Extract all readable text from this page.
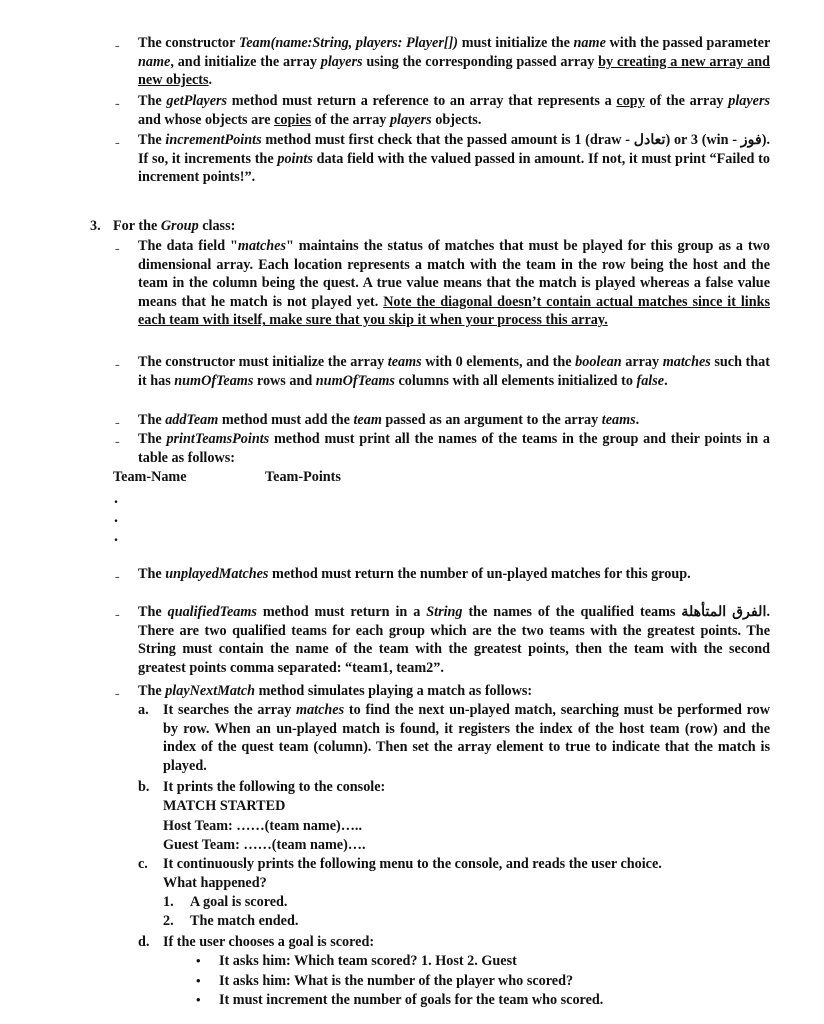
- The constructor Team(name:String, players: Player[]) must initialize the name with the passed parameter name, and initialize the array players using the corresponding passed array by creating a new array and new objects.

- The getPlayers method must return a reference to an array that represents a copy of the array players and whose objects are copies of the array players objects.

- The incrementPoints method must first check that the passed amount is 1 (draw - تعادل) or 3 (win - فوز). If so, it increments the points data field with the valued passed in amount. If not, it must print “Failed to increment points!”.

3. For the Group class:

- The data field "matches" maintains the status of matches that must be played for this group as a two dimensional array. Each location represents a match with the team in the row being the host and the team in the column being the quest. A true value means that the match is played whereas a false value means that he match is not played yet. Note the diagonal doesn’t contain actual matches since it links each team with itself, make sure that you skip it when your process this array.

- The constructor must initialize the array teams with 0 elements, and the boolean array matches such that it has numOfTeams rows and numOfTeams columns with all elements initialized to false.

- The addTeam method must add the team passed as an argument to the array teams.

- The printTeamsPoints method must print all the names of the teams in the group and their points in a table as follows:

Team-Name	Team-Points
.
.
.
- The unplayedMatches method must return the number of un-played matches for this group.

- The qualifiedTeams method must return in a String the names of the qualified teams الفرق المتأهلة. There are two qualified teams for each group which are the two teams with the greatest points. The String must contain the name of the team with the greatest points, then the team with the second greatest points comma separated: “team1, team2”.

- The playNextMatch method simulates playing a match as follows:

a. It searches the array matches to find the next un-played match, searching must be performed row by row. When an un-played match is found, it registers the index of the host team (row) and the index of the quest team (column). Then set the array element to true to indicate that the match is played.

b. It prints the following to the console:

MATCH STARTED

Host Team: ……(team name)…..

Guest Team: ……(team name)….

c. It continuously prints the following menu to the console, and reads the user choice.

What happened?

1. A goal is scored.
2. The match ended.
d. If the user chooses a goal is scored:

• It asks him: Which team scored? 1. Host 2. Guest
• It asks him: What is the number of the player who scored?
• It must increment the number of goals for the team who scored.
